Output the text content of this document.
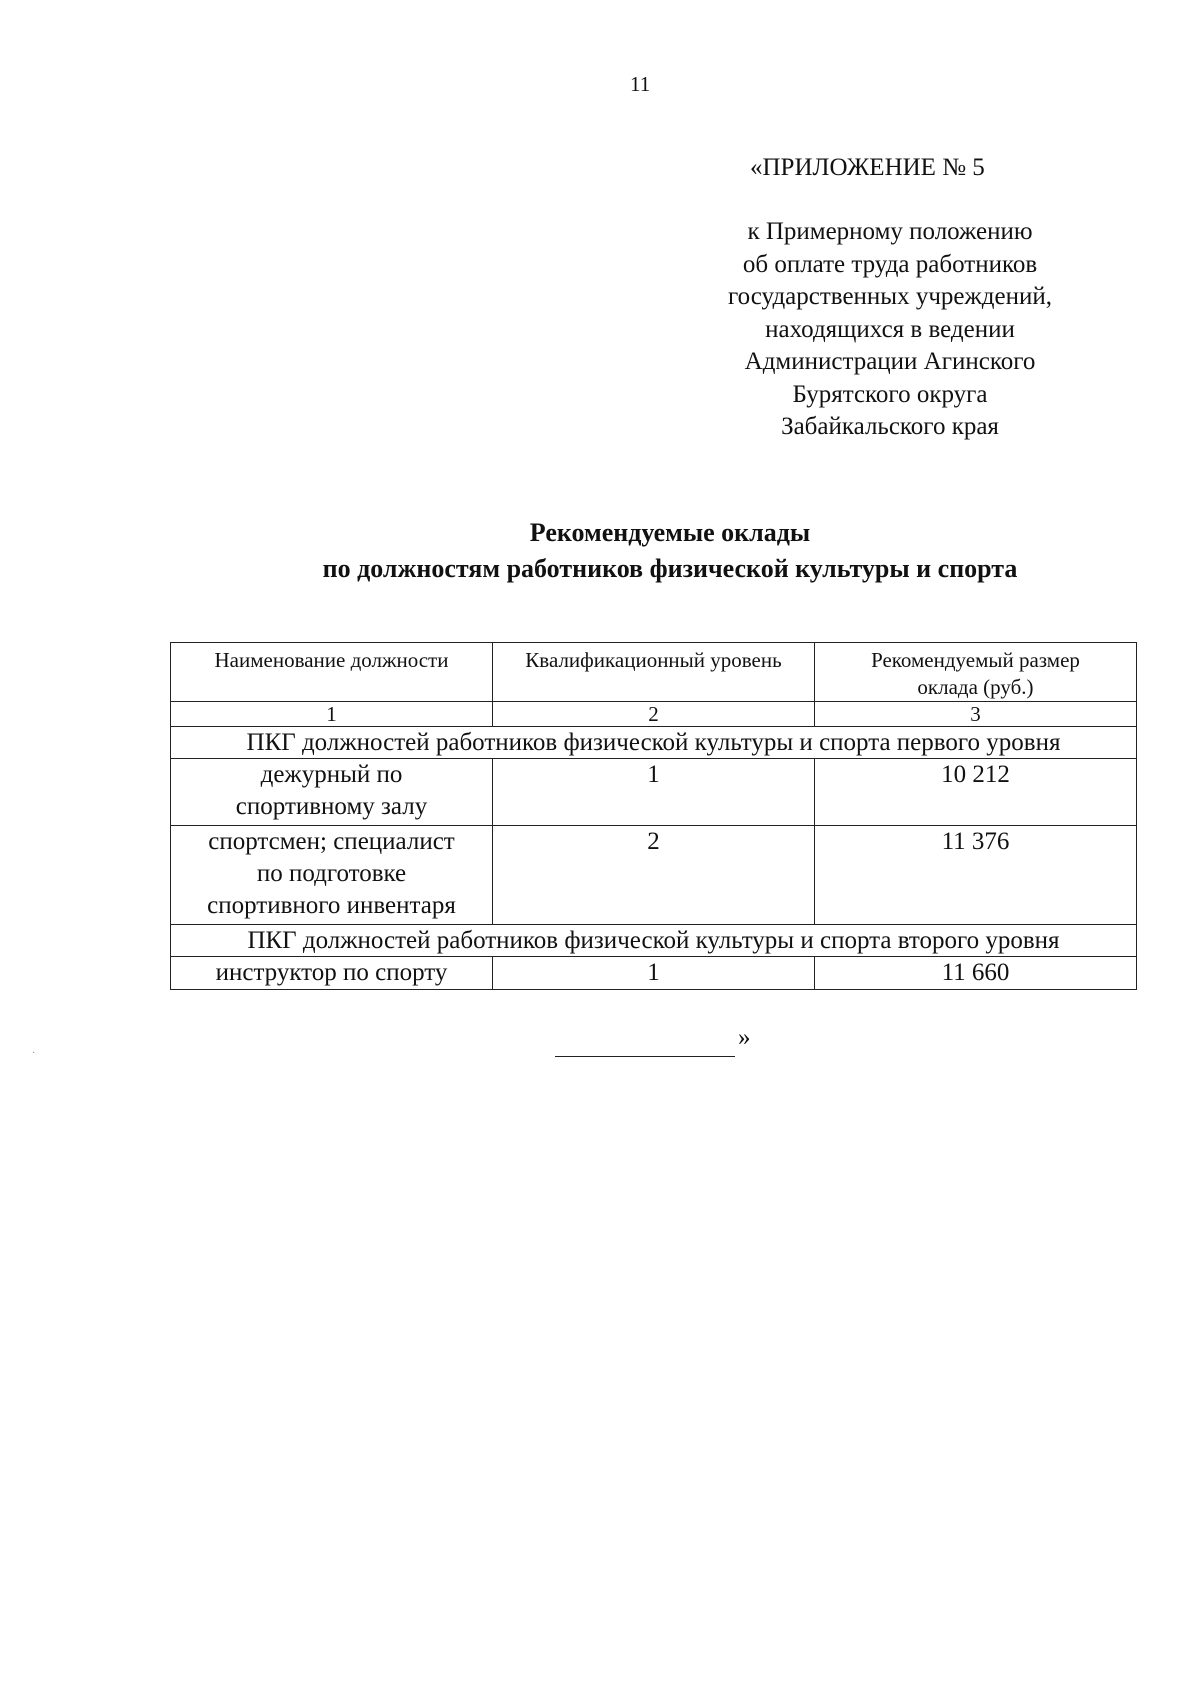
11
«ПРИЛОЖЕНИЕ № 5
к Примерному положению
об оплате труда работников
государственных учреждений,
находящихся в ведении
Администрации Агинского
Бурятского округа
Забайкальского края
Рекомендуемые оклады
по должностям работников физической культуры и спорта
Наименование должности	Квалификационный уровень	Рекомендуемый размер
оклада (руб.)

1	2	3
ПКГ должностей работников физической культуры и спорта первого уровня		

дежурный по
спортивному залу	1	10 212

спортсмен; специалист
по подготовке
спортивного инвентаря	2	11 376
ПКГ должностей работников физической культуры и спорта второго уровня		

инструктор по спорту	1	11 660
»
·
